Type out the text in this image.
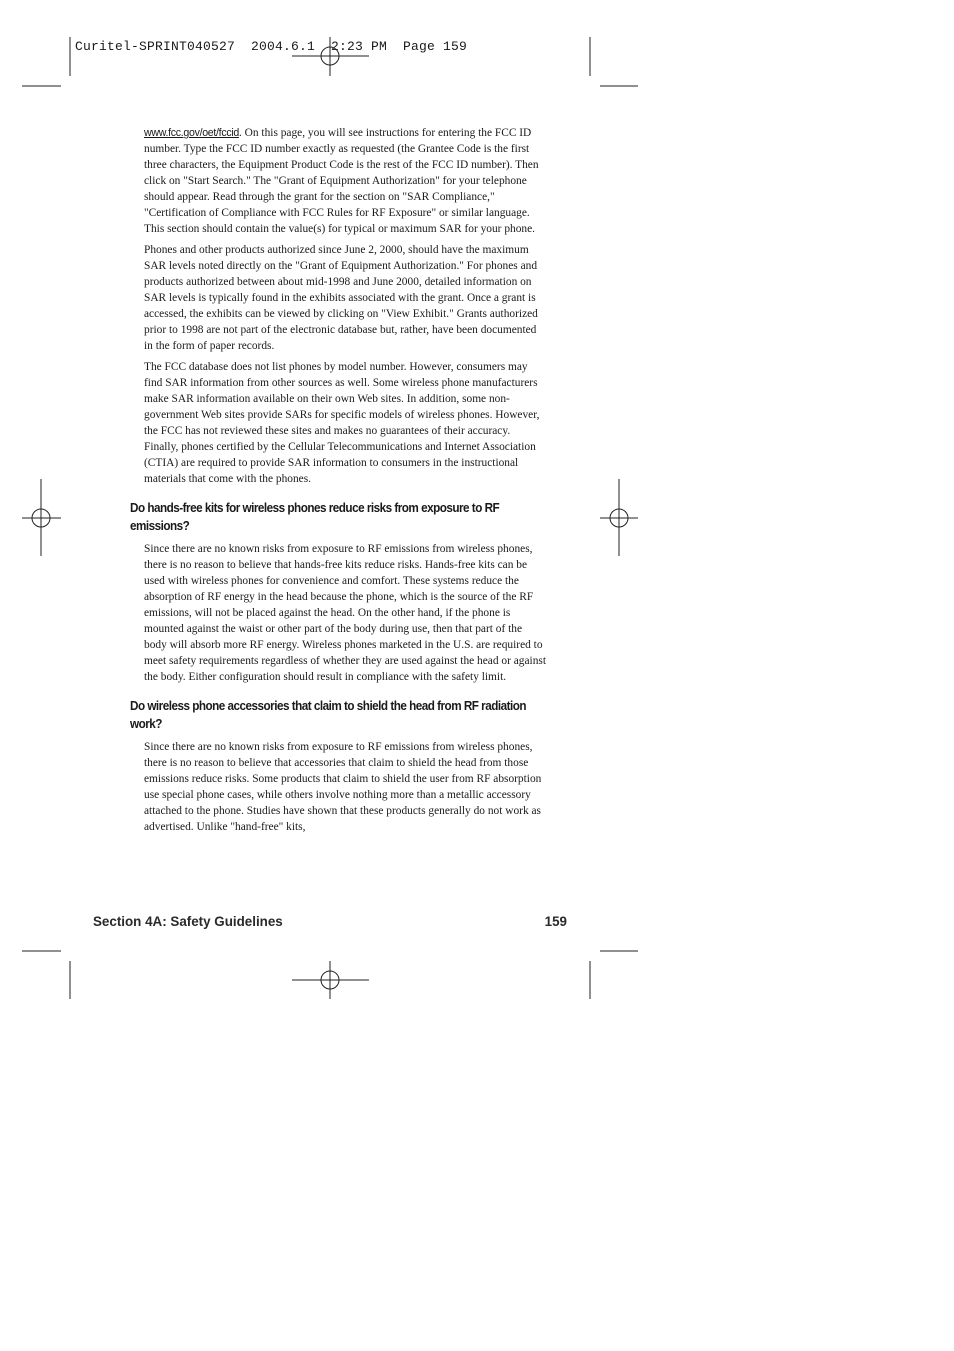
Curitel-SPRINT040527  2004.6.1  2:23 PM  Page 159

www.fcc.gov/oet/fccid. On this page, you will see instructions for entering the FCC ID number. Type the FCC ID number exactly as requested (the Grantee Code is the first three characters, the Equipment Product Code is the rest of the FCC ID number). Then click on "Start Search." The "Grant of Equipment Authorization" for your telephone should appear. Read through the grant for the section on "SAR Compliance," "Certification of Compliance with FCC Rules for RF Exposure" or similar language. This section should contain the value(s) for typical or maximum SAR for your phone.

Phones and other products authorized since June 2, 2000, should have the maximum SAR levels noted directly on the "Grant of Equipment Authorization." For phones and products authorized between about mid-1998 and June 2000, detailed information on SAR levels is typically found in the exhibits associated with the grant. Once a grant is accessed, the exhibits can be viewed by clicking on "View Exhibit." Grants authorized prior to 1998 are not part of the electronic database but, rather, have been documented in the form of paper records.

The FCC database does not list phones by model number. However, consumers may find SAR information from other sources as well. Some wireless phone manufacturers make SAR information available on their own Web sites. In addition, some non-government Web sites provide SARs for specific models of wireless phones. However, the FCC has not reviewed these sites and makes no guarantees of their accuracy. Finally, phones certified by the Cellular Telecommunications and Internet Association (CTIA) are required to provide SAR information to consumers in the instructional materials that come with the phones.

Do hands-free kits for wireless phones reduce risks from exposure to RF emissions?

Since there are no known risks from exposure to RF emissions from wireless phones, there is no reason to believe that hands-free kits reduce risks. Hands-free kits can be used with wireless phones for convenience and comfort. These systems reduce the absorption of RF energy in the head because the phone, which is the source of the RF emissions, will not be placed against the head. On the other hand, if the phone is mounted against the waist or other part of the body during use, then that part of the body will absorb more RF energy. Wireless phones marketed in the U.S. are required to meet safety requirements regardless of whether they are used against the head or against the body. Either configuration should result in compliance with the safety limit.

Do wireless phone accessories that claim to shield the head from RF radiation work?

Since there are no known risks from exposure to RF emissions from wireless phones, there is no reason to believe that accessories that claim to shield the head from those emissions reduce risks. Some products that claim to shield the user from RF absorption use special phone cases, while others involve nothing more than a metallic accessory attached to the phone. Studies have shown that these products generally do not work as advertised. Unlike "hand-free" kits,

Section 4A: Safety Guidelines	159
